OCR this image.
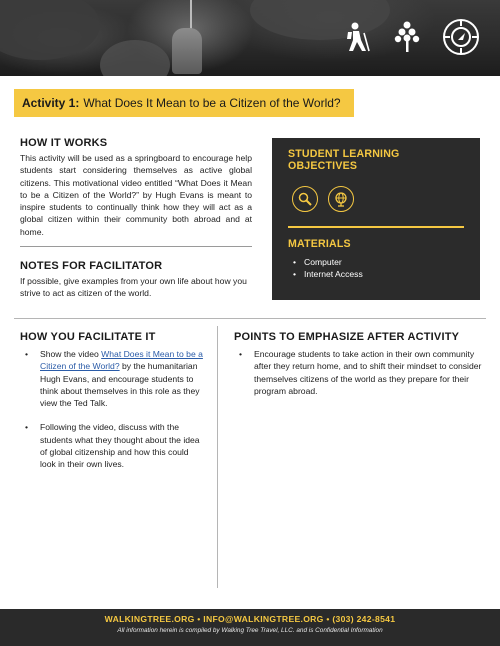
Activity 1: What Does It Mean to be a Citizen of the World?
HOW IT WORKS

This activity will be used as a springboard to encourage help students start considering themselves as active global citizens. This motivational video entitled “What Does it Mean to be a Citizen of the World?” by Hugh Evans is meant to inspire students to continually think how they will act as a global citizen within their community both abroad and at home.

NOTES FOR FACILITATOR

If possible, give examples from your own life about how you strive to act as citizen of the world.

STUDENT LEARNING OBJECTIVES
MATERIALS
• Computer
• Internet Access
HOW YOU FACILITATE IT
• Show the video What Does it Mean to be a Citizen of the World? by the humanitarian Hugh Evans, and encourage students to think about themselves in this role as they view the Ted Talk.
• Following the video, discuss with the students what they thought about the idea of global citizenship and how this could look in their own lives.
POINTS TO EMPHASIZE AFTER ACTIVITY
• Encourage students to take action in their own community after they return home, and to shift their mindset to consider themselves citizens of the world as they prepare for their program abroad.
WALKINGTREE.ORG • INFO@WALKINGTREE.ORG • (303) 242-8541
All information herein is compiled by Walking Tree Travel, LLC. and is Confidential Information
